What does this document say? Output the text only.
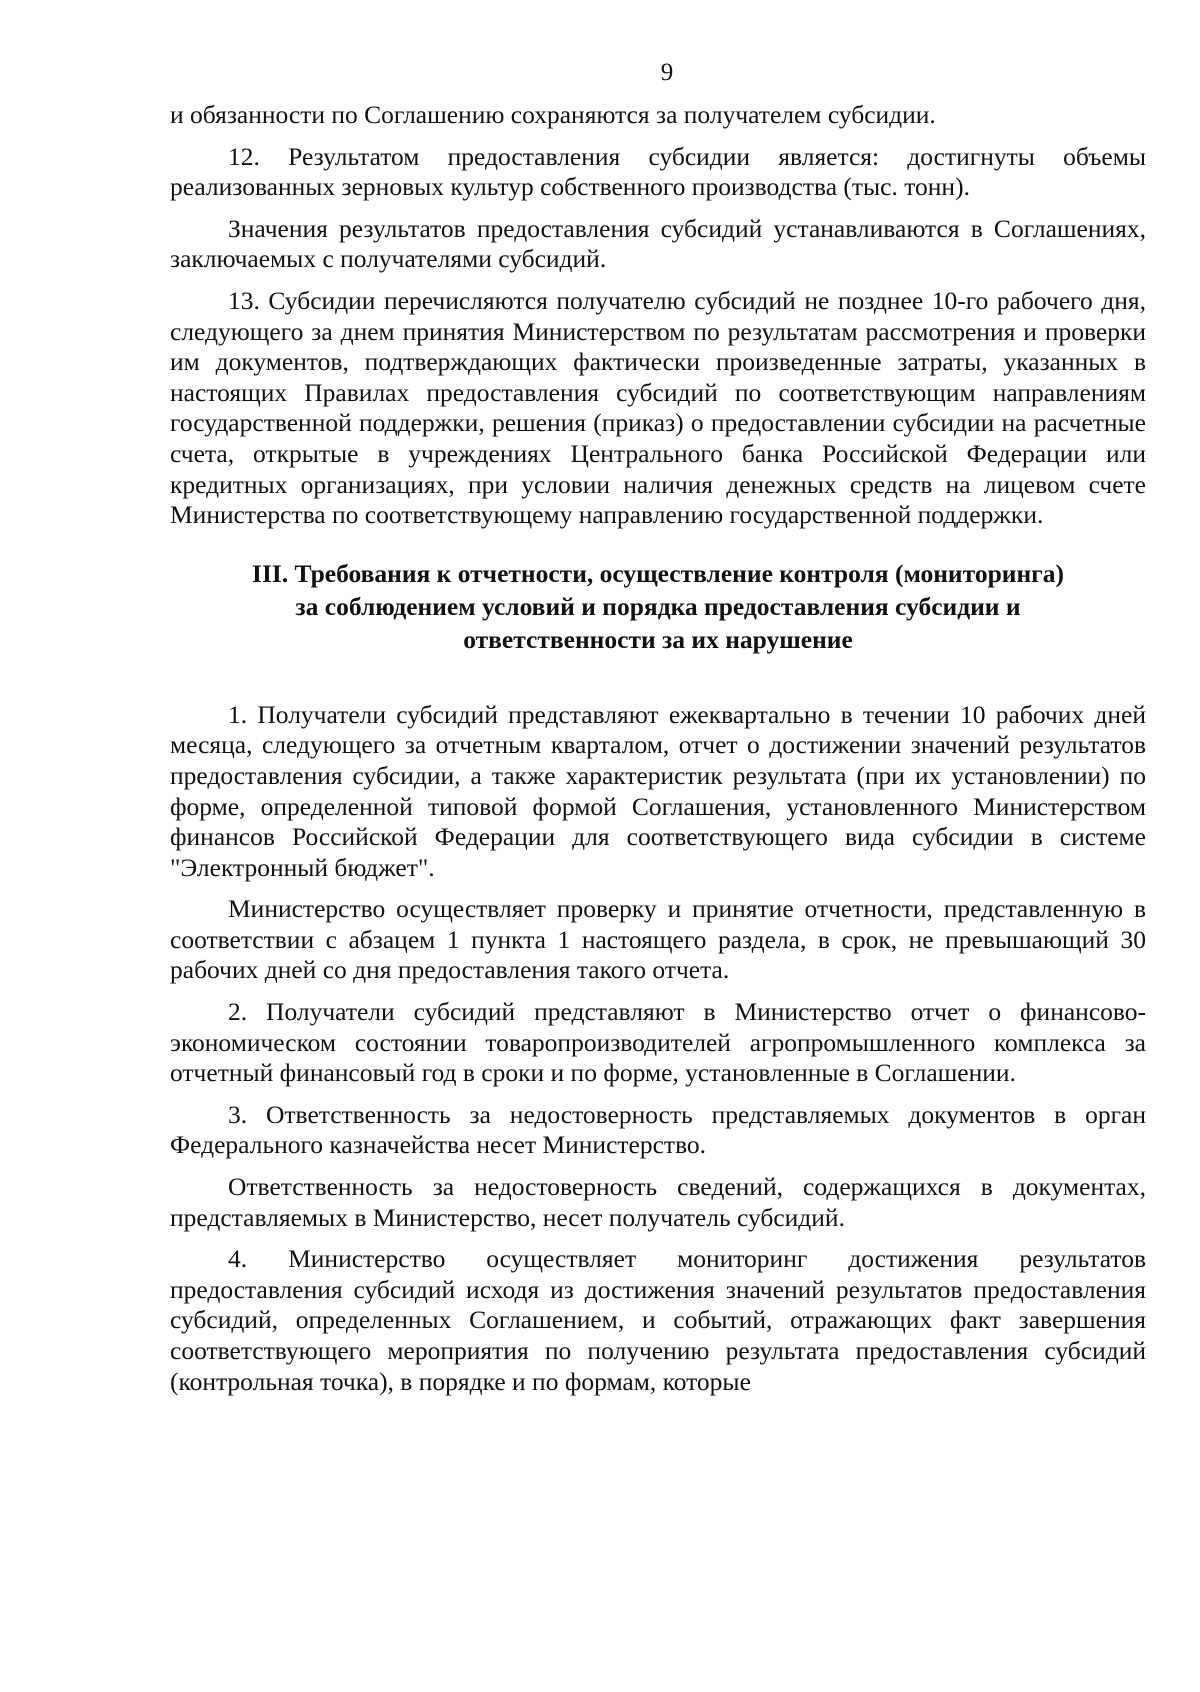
9

и обязанности по Соглашению сохраняются за получателем субсидии.

12. Результатом предоставления субсидии является: достигнуты объемы реализованных зерновых культур собственного производства (тыс. тонн).

Значения результатов предоставления субсидий устанавливаются в Соглашениях, заключаемых с получателями субсидий.

13. Субсидии перечисляются получателю субсидий не позднее 10-го рабочего дня, следующего за днем принятия Министерством по результатам рассмотрения и проверки им документов, подтверждающих фактически произведенные затраты, указанных в настоящих Правилах предоставления субсидий по соответствующим направлениям государственной поддержки, решения (приказ) о предоставлении субсидии на расчетные счета, открытые в учреждениях Центрального банка Российской Федерации или кредитных организациях, при условии наличия денежных средств на лицевом счете Министерства по соответствующему направлению государственной поддержки.

III. Требования к отчетности, осуществление контроля (мониторинга)
за соблюдением условий и порядка предоставления субсидии и
ответственности за их нарушение

1. Получатели субсидий представляют ежеквартально в течении 10 рабочих дней месяца, следующего за отчетным кварталом, отчет о достижении значений результатов предоставления субсидии, а также характеристик результата (при их установлении) по форме, определенной типовой формой Соглашения, установленного Министерством финансов Российской Федерации для соответствующего вида субсидии в системе "Электронный бюджет".

Министерство осуществляет проверку и принятие отчетности, представленную в соответствии с абзацем 1 пункта 1 настоящего раздела, в срок, не превышающий 30 рабочих дней со дня предоставления такого отчета.

2. Получатели субсидий представляют в Министерство отчет о финансово-экономическом состоянии товаропроизводителей агропромышленного комплекса за отчетный финансовый год в сроки и по форме, установленные в Соглашении.

3. Ответственность за недостоверность представляемых документов в орган Федерального казначейства несет Министерство.

Ответственность за недостоверность сведений, содержащихся в документах, представляемых в Министерство, несет получатель субсидий.

4. Министерство осуществляет мониторинг достижения результатов предоставления субсидий исходя из достижения значений результатов предоставления субсидий, определенных Соглашением, и событий, отражающих факт завершения соответствующего мероприятия по получению результата предоставления субсидий (контрольная точка), в порядке и по формам, которые
